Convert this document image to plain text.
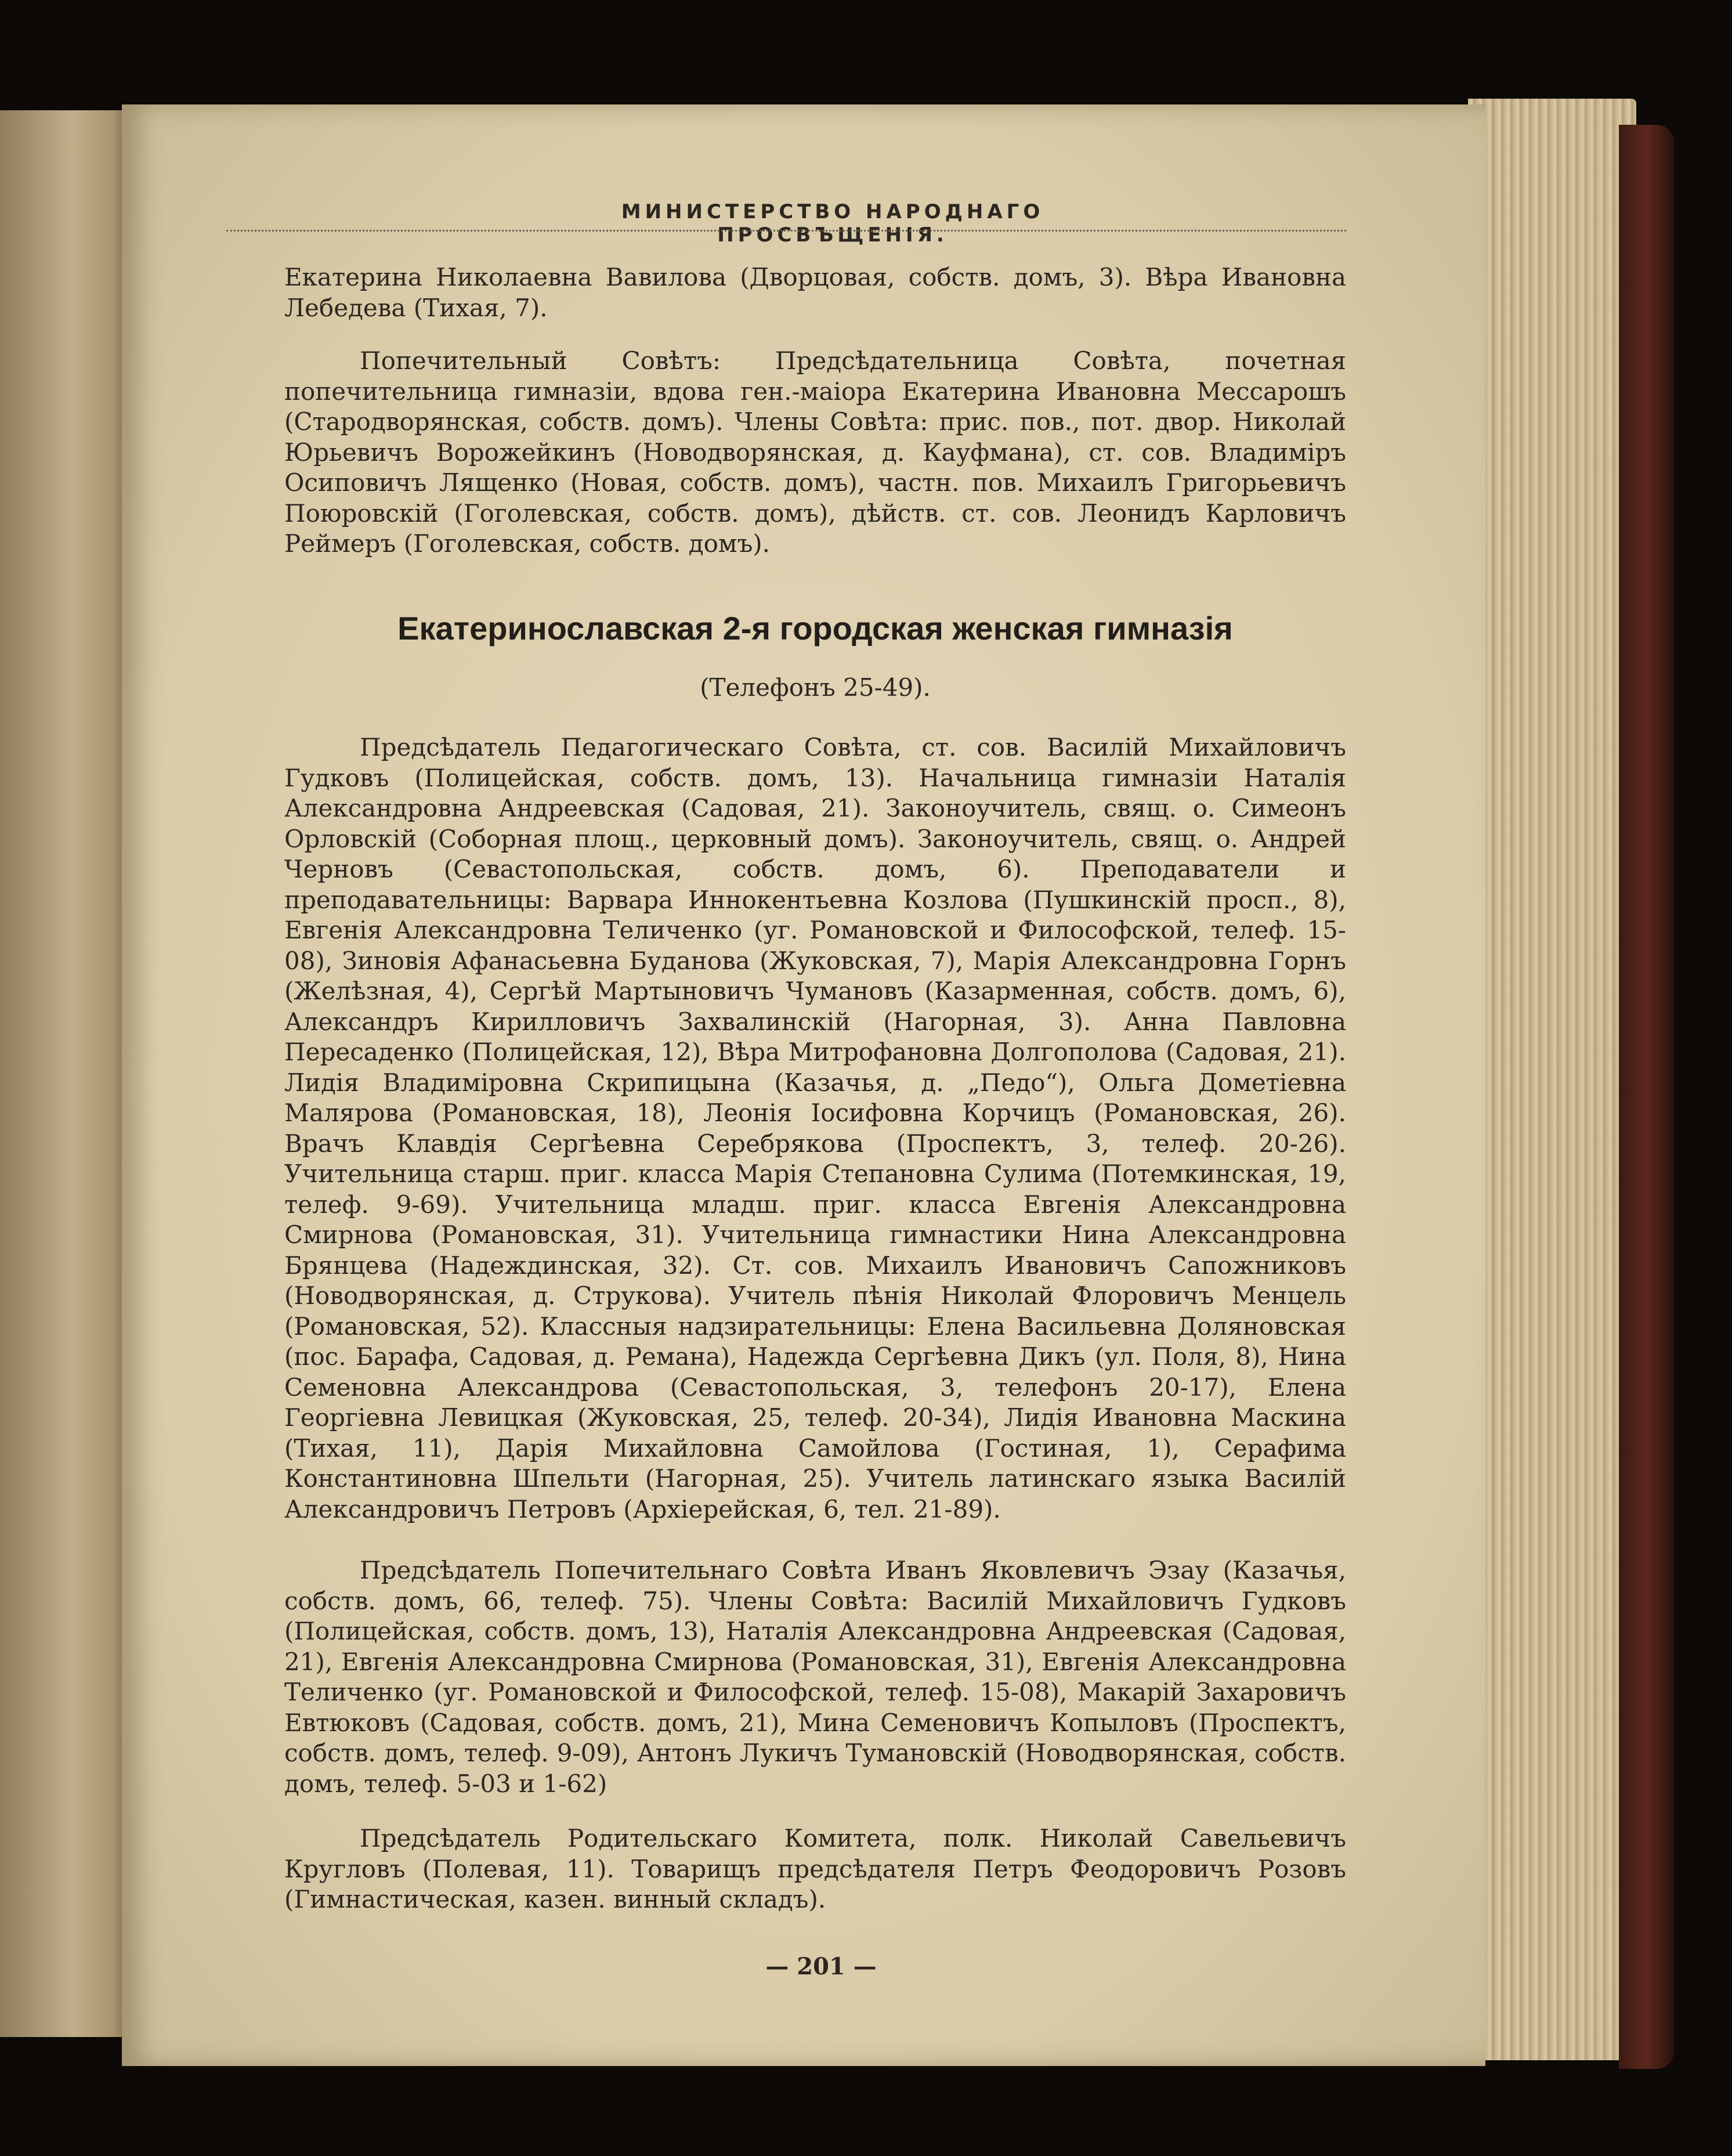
МИНИСТЕРСТВО НАРОДНАГО ПРОСВЪЩЕНІЯ.

Екатерина Николаевна Вавилова (Дворцовая, собств. домъ, 3). Вѣра Ивановна Лебедева (Тихая, 7).

Попечительный Совѣтъ: Предсѣдательница Совѣта, почетная попечительница гимназіи, вдова ген.-маіора Екатерина Ивановна Мессарошъ (Стародворянская, собств. домъ). Члены Совѣта: прис. пов., пот. двор. Николай Юрьевичъ Ворожейкинъ (Новодворянская, д. Кауфмана), ст. сов. Владиміръ Осиповичъ Лященко (Новая, собств. домъ), частн. пов. Михаилъ Григорьевичъ Поюровскій (Гоголевская, собств. домъ), дѣйств. ст. сов. Леонидъ Карловичъ Реймеръ (Гоголевская, собств. домъ).

Екатеринославская 2-я городская женская гимназія
(Телефонъ 25-49).

Предсѣдатель Педагогическаго Совѣта, ст. сов. Василій Михайловичъ Гудковъ (Полицейская, собств. домъ, 13). Начальница гимназіи Наталія Александровна Андреевская (Садовая, 21). Законоучитель, свящ. о. Симеонъ Орловскій (Соборная площ., церковный домъ). Законоучитель, свящ. о. Андрей Черновъ (Севастопольская, собств. домъ, 6). Преподаватели и преподавательницы: Варвара Иннокентьевна Козлова (Пушкинскій просп., 8), Евгенія Александровна Теличенко (уг. Романовской и Философской, телеф. 15-08), Зиновія Афанасьевна Буданова (Жуковская, 7), Марія Александровна Горнъ (Желѣзная, 4), Сергѣй Мартыновичъ Чумановъ (Казарменная, собств. домъ, 6), Александръ Кирилловичъ Захвалинскій (Нагорная, 3). Анна Павловна Пересаденко (Полицейская, 12), Вѣра Митрофановна Долгополова (Садовая, 21). Лидія Владиміровна Скрипицына (Казачья, д. „Педо“), Ольга Дометіевна Малярова (Романовская, 18), Леонія Іосифовна Корчицъ (Романовская, 26). Врачъ Клавдія Сергѣевна Серебрякова (Проспектъ, 3, телеф. 20-26). Учительница старш. приг. класса Марія Степановна Сулима (Потемкинская, 19, телеф. 9-69). Учительница младш. приг. класса Евгенія Александровна Смирнова (Романовская, 31). Учительница гимнастики Нина Александровна Брянцева (Надеждинская, 32). Ст. сов. Михаилъ Ивановичъ Сапожниковъ (Новодворянская, д. Струкова). Учитель пѣнія Николай Флоровичъ Менцель (Романовская, 52). Классныя надзирательницы: Елена Васильевна Доляновская (пос. Барафа, Садовая, д. Ремана), Надежда Сергѣевна Дикъ (ул. Поля, 8), Нина Семеновна Александрова (Севастопольская, 3, телефонъ 20-17), Елена Георгіевна Левицкая (Жуковская, 25, телеф. 20-34), Лидія Ивановна Маскина (Тихая, 11), Дарія Михайловна Самойлова (Гостиная, 1), Серафима Константиновна Шпельти (Нагорная, 25). Учитель латинскаго языка Василій Александровичъ Петровъ (Архіерейская, 6, тел. 21-89).

Предсѣдатель Попечительнаго Совѣта Иванъ Яковлевичъ Эзау (Казачья, собств. домъ, 66, телеф. 75). Члены Совѣта: Василій Михайловичъ Гудковъ (Полицейская, собств. домъ, 13), Наталія Александровна Андреевская (Садовая, 21), Евгенія Александровна Смирнова (Романовская, 31), Евгенія Александровна Теличенко (уг. Романовской и Философской, телеф. 15-08), Макарій Захаровичъ Евтюковъ (Садовая, собств. домъ, 21), Мина Семеновичъ Копыловъ (Проспектъ, собств. домъ, телеф. 9-09), Антонъ Лукичъ Тумановскій (Новодворянская, собств. домъ, телеф. 5-03 и 1-62)

Предсѣдатель Родительскаго Комитета, полк. Николай Савельевичъ Кругловъ (Полевая, 11). Товарищъ предсѣдателя Петръ Феодоровичъ Розовъ (Гимнастическая, казен. винный складъ).

— 201 —
